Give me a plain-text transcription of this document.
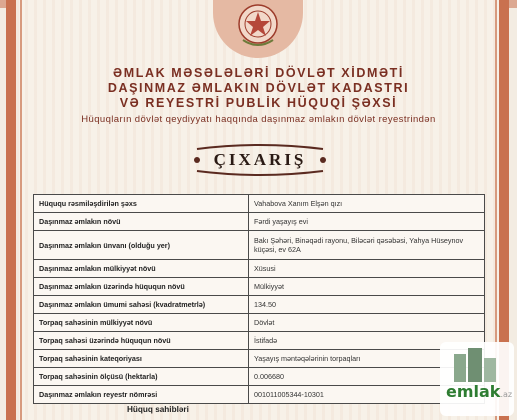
ƏMLAK MƏSƏLƏLƏRİ DÖVLƏT XİDMƏTİ
DAŞINMAZ ƏMLAKIN DÖVLƏT KADASTRI
VƏ REYESTRİ PUBLİK HÜQUQİ ŞƏXSİ
Hüquqların dövlət qeydiyyatı haqqında daşınmaz əmlakın dövlət reyestrindən
ÇIXARIŞ
Hüququ rəsmiləşdirilən şəxs	Vahabova Xanım Elşən qızı
Daşınmaz əmlakın növü	Fərdi yaşayış evi
Daşınmaz əmlakın ünvanı (olduğu yer)	Bakı Şəhəri, Binəqədi rayonu, Biləcəri qəsəbəsi, Yahya Hüseynov küçəsi, ev 62A
Daşınmaz əmlakın mülkiyyət növü	Xüsusi
Daşınmaz əmlakın üzərində hüququn növü	Mülkiyyət
Daşınmaz əmlakın ümumi sahəsi (kvadratmetrlə)	134.50
Torpaq sahəsinin mülkiyyət növü	Dövlət
Torpaq sahəsi üzərində hüququn növü	İstifadə
Torpaq sahəsinin kateqoriyası	Yaşayış məntəqələrinin torpaqları
Torpaq sahəsinin ölçüsü (hektarla)	0.006680
Daşınmaz əmlakın reyestr nömrəsi	001011005344-10301
Hüquq sahibləri
emlak.az
